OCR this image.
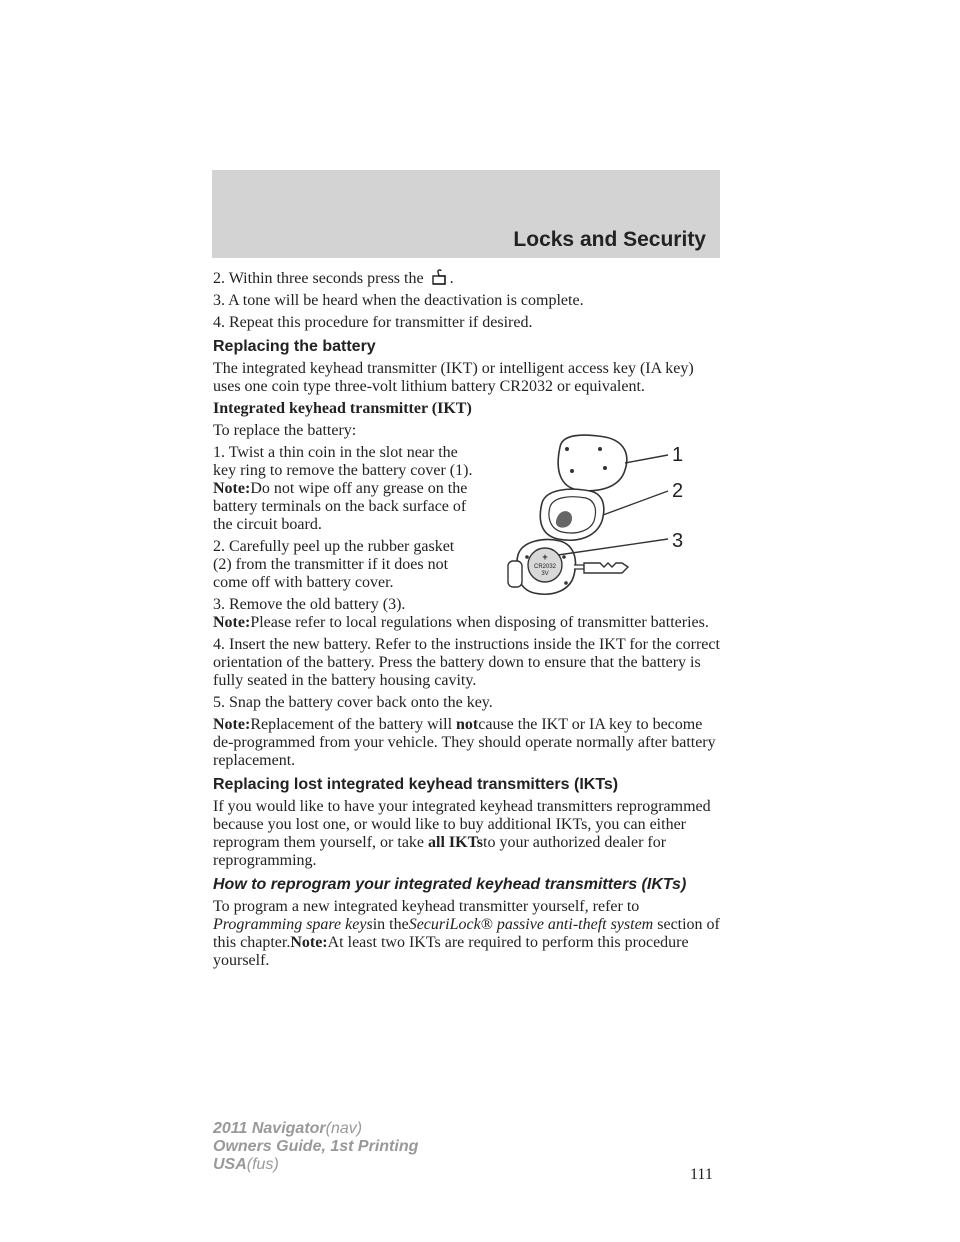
Locks and Security

2. Within three seconds press the .

3. A tone will be heard when the deactivation is complete.

4. Repeat this procedure for transmitter if desired.

Replacing the battery

The integrated keyhead transmitter (IKT) or intelligent access key (IA key) uses one coin type three-volt lithium battery CR2032 or equivalent.

Integrated keyhead transmitter (IKT)

To replace the battery:

1. Twist a thin coin in the slot near the key ring to remove the battery cover (1).
Note:Do not wipe off any grease on the battery terminals on the back surface of the circuit board.

2. Carefully peel up the rubber gasket (2) from the transmitter if it does not come off with battery cover.

3. Remove the old battery (3).
Note:Please refer to local regulations when disposing of transmitter batteries.

4. Insert the new battery. Refer to the instructions inside the IKT for the correct orientation of the battery. Press the battery down to ensure that the battery is fully seated in the battery housing cavity.

5. Snap the battery cover back onto the key.

Note:Replacement of the battery will notcause the IKT or IA key to become de-programmed from your vehicle. They should operate normally after battery replacement.

Replacing lost integrated keyhead transmitters (IKTs)

If you would like to have your integrated keyhead transmitters reprogrammed because you lost one, or would like to buy additional IKTs, you can either reprogram them yourself, or take all IKTsto your authorized dealer for reprogramming.

How to reprogram your integrated keyhead transmitters (IKTs)

To program a new integrated keyhead transmitter yourself, refer to Programming spare keysin theSecuriLock® passive anti-theft system section of this chapter.Note:At least two IKTs are required to perform this procedure yourself.

+
CR2032
3V
1
2
3
111
2011 Navigator(nav)
Owners Guide, 1st Printing
USA(fus)
